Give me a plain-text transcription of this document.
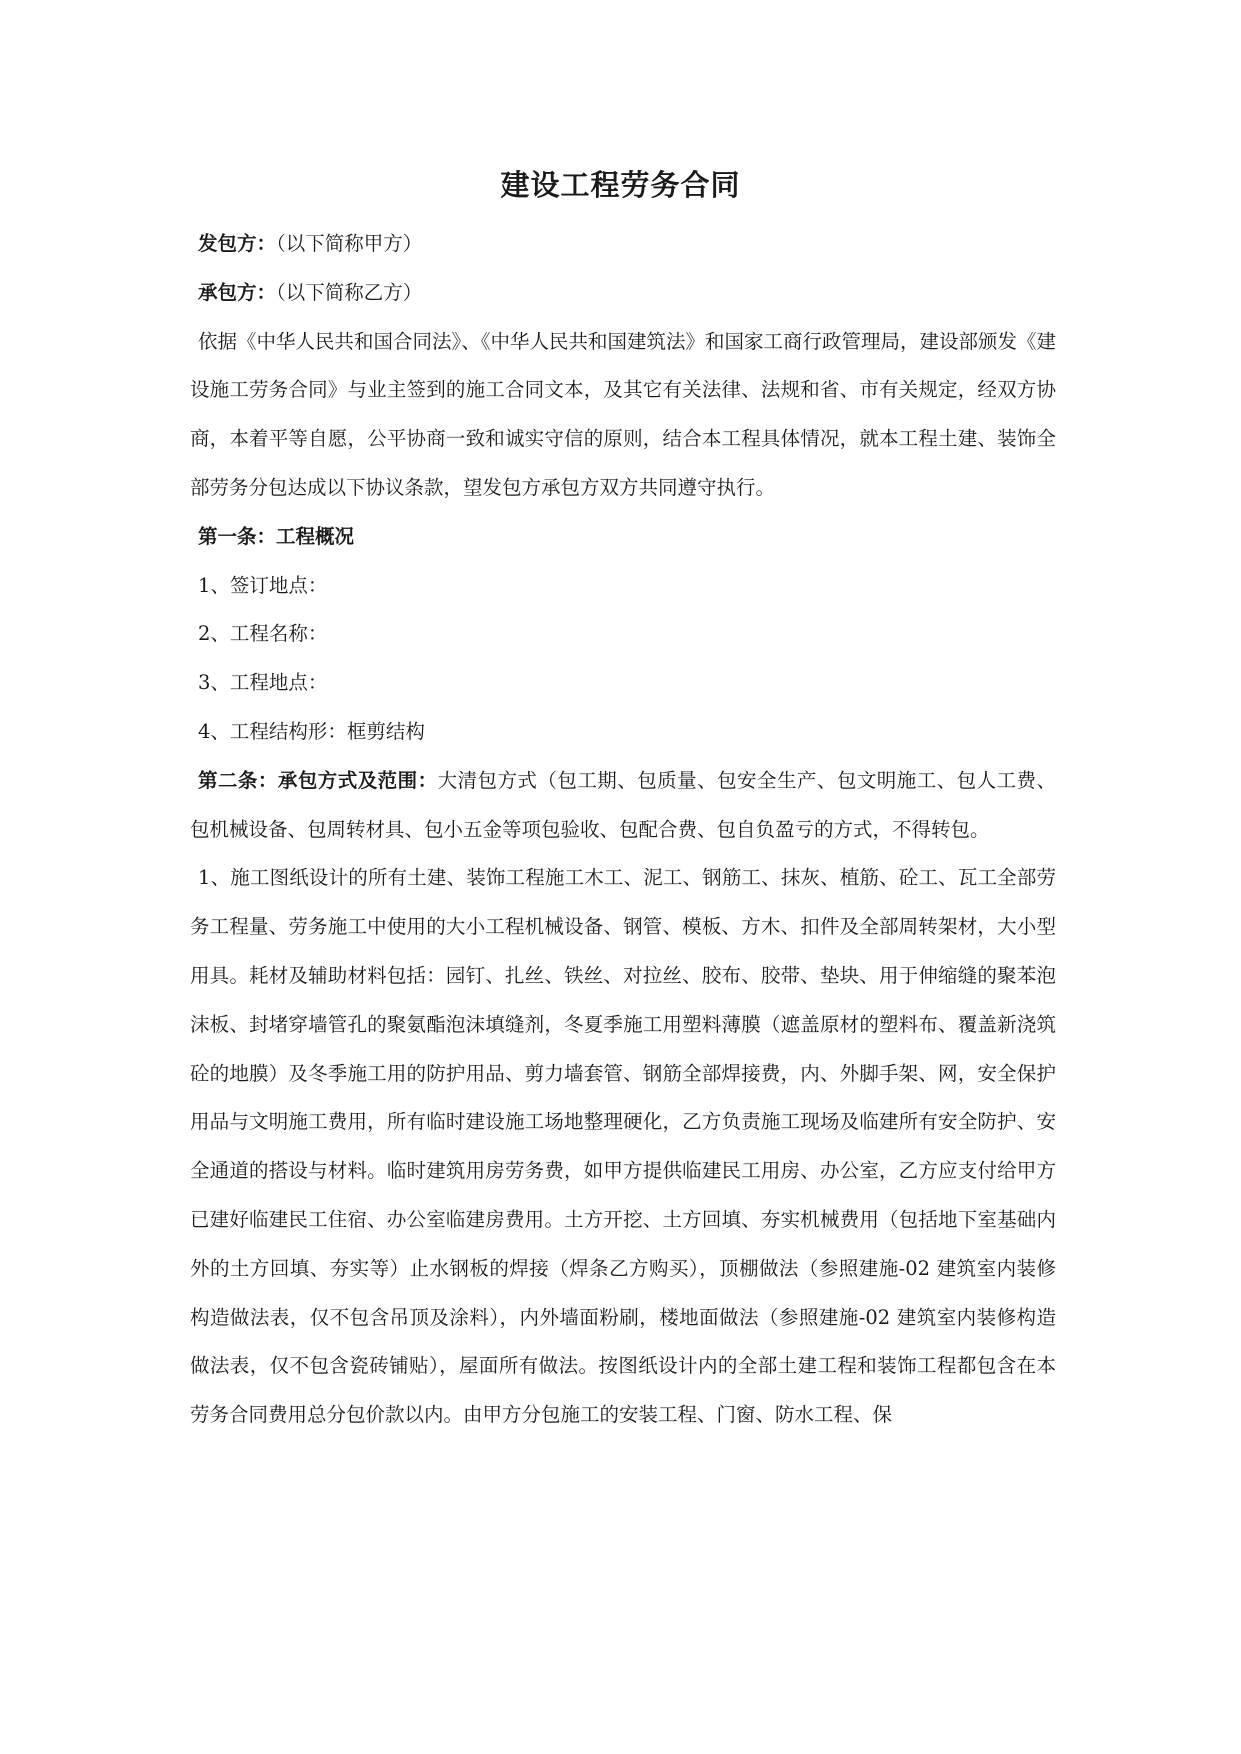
建设工程劳务合同

发包方：（以下简称甲方）

承包方：（以下简称乙方）

依据《中华人民共和国合同法》、《中华人民共和国建筑法》和国家工商行政管理局，建设部颁发《建设施工劳务合同》与业主签到的施工合同文本，及其它有关法律、法规和省、市有关规定，经双方协商，本着平等自愿，公平协商一致和诚实守信的原则，结合本工程具体情况，就本工程土建、装饰全部劳务分包达成以下协议条款，望发包方承包方双方共同遵守执行。

第一条：工程概况

1、签订地点：

2、工程名称：

3、工程地点：

4、工程结构形：框剪结构

第二条：承包方式及范围：大清包方式（包工期、包质量、包安全生产、包文明施工、包人工费、包机械设备、包周转材具、包小五金等项包验收、包配合费、包自负盈亏的方式，不得转包。

1、施工图纸设计的所有土建、装饰工程施工木工、泥工、钢筋工、抹灰、植筋、砼工、瓦工全部劳务工程量、劳务施工中使用的大小工程机械设备、钢管、模板、方木、扣件及全部周转架材，大小型用具。耗材及辅助材料包括：园钉、扎丝、铁丝、对拉丝、胶布、胶带、垫块、用于伸缩缝的聚苯泡沫板、封堵穿墙管孔的聚氨酯泡沫填缝剂，冬夏季施工用塑料薄膜（遮盖原材的塑料布、覆盖新浇筑砼的地膜）及冬季施工用的防护用品、剪力墙套管、钢筋全部焊接费，内、外脚手架、网，安全保护用品与文明施工费用，所有临时建设施工场地整理硬化，乙方负责施工现场及临建所有安全防护、安全通道的搭设与材料。临时建筑用房劳务费，如甲方提供临建民工用房、办公室，乙方应支付给甲方已建好临建民工住宿、办公室临建房费用。土方开挖、土方回填、夯实机械费用（包括地下室基础内外的土方回填、夯实等）止水钢板的焊接（焊条乙方购买），顶棚做法（参照建施-02 建筑室内装修构造做法表，仅不包含吊顶及涂料），内外墙面粉刷，楼地面做法（参照建施-02 建筑室内装修构造做法表，仅不包含瓷砖铺贴），屋面所有做法。按图纸设计内的全部土建工程和装饰工程都包含在本劳务合同费用总分包价款以内。由甲方分包施工的安装工程、门窗、防水工程、保
